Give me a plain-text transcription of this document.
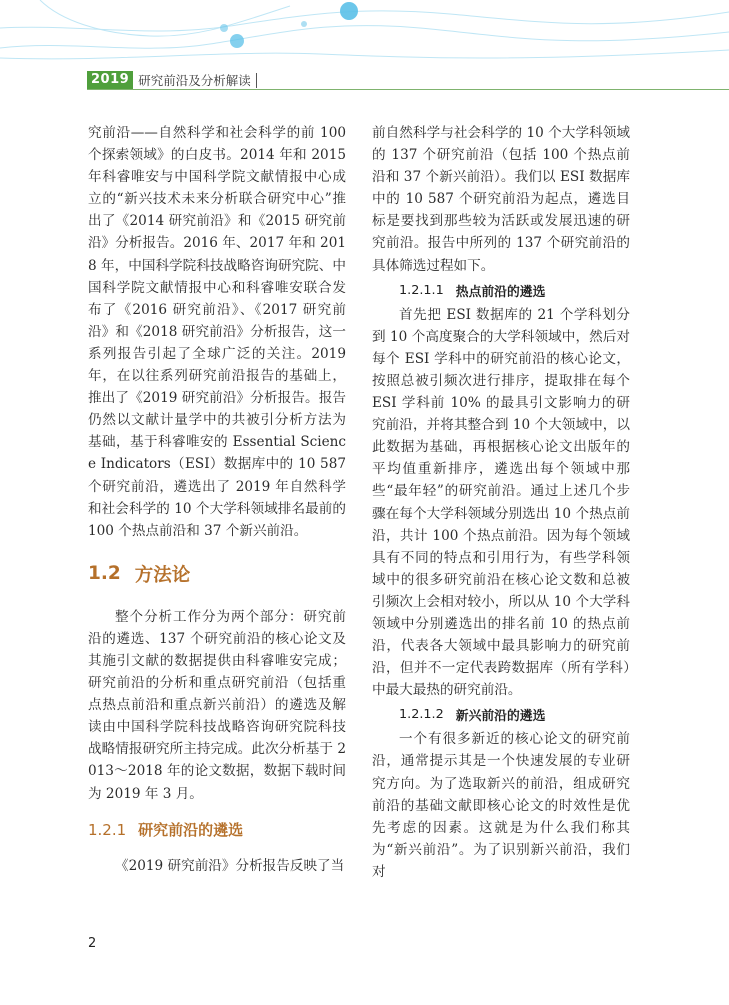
2019 研究前沿及分析解读

究前沿——自然科学和社会科学的前 100 个探索领域》的白皮书。2014 年和 2015 年科睿唯安与中国科学院文献情报中心成立的“新兴技术未来分析联合研究中心”推出了《2014 研究前沿》和《2015 研究前沿》分析报告。2016 年、2017 年和 2018 年，中国科学院科技战略咨询研究院、中国科学院文献情报中心和科睿唯安联合发布了《2016 研究前沿》、《2017 研究前沿》和《2018 研究前沿》分析报告，这一系列报告引起了全球广泛的关注。2019 年，在以往系列研究前沿报告的基础上，推出了《2019 研究前沿》分析报告。报告仍然以文献计量学中的共被引分析方法为基础，基于科睿唯安的 Essential Science Indicators（ESI）数据库中的 10 587 个研究前沿，遴选出了 2019 年自然科学和社会科学的 10 个大学科领域排名最前的 100 个热点前沿和 37 个新兴前沿。

1.2 方法论

整个分析工作分为两个部分：研究前沿的遴选、137 个研究前沿的核心论文及其施引文献的数据提供由科睿唯安完成；研究前沿的分析和重点研究前沿（包括重点热点前沿和重点新兴前沿）的遴选及解读由中国科学院科技战略咨询研究院科技战略情报研究所主持完成。此次分析基于 2013～2018 年的论文数据，数据下载时间为 2019 年 3 月。

1.2.1 研究前沿的遴选

《2019 研究前沿》分析报告反映了当

前自然科学与社会科学的 10 个大学科领域的 137 个研究前沿（包括 100 个热点前沿和 37 个新兴前沿）。我们以 ESI 数据库中的 10 587 个研究前沿为起点，遴选目标是要找到那些较为活跃或发展迅速的研究前沿。报告中所列的 137 个研究前沿的具体筛选过程如下。

1.2.1.1 热点前沿的遴选

首先把 ESI 数据库的 21 个学科划分到 10 个高度聚合的大学科领域中，然后对每个 ESI 学科中的研究前沿的核心论文，按照总被引频次进行排序，提取排在每个 ESI 学科前 10% 的最具引文影响力的研究前沿，并将其整合到 10 个大领域中，以此数据为基础，再根据核心论文出版年的平均值重新排序，遴选出每个领域中那些“最年轻”的研究前沿。通过上述几个步骤在每个大学科领域分别选出 10 个热点前沿，共计 100 个热点前沿。因为每个领域具有不同的特点和引用行为，有些学科领域中的很多研究前沿在核心论文数和总被引频次上会相对较小，所以从 10 个大学科领域中分别遴选出的排名前 10 的热点前沿，代表各大领域中最具影响力的研究前沿，但并不一定代表跨数据库（所有学科）中最大最热的研究前沿。

1.2.1.2 新兴前沿的遴选

一个有很多新近的核心论文的研究前沿，通常提示其是一个快速发展的专业研究方向。为了选取新兴的前沿，组成研究前沿的基础文献即核心论文的时效性是优先考虑的因素。这就是为什么我们称其为“新兴前沿”。为了识别新兴前沿，我们对

2
